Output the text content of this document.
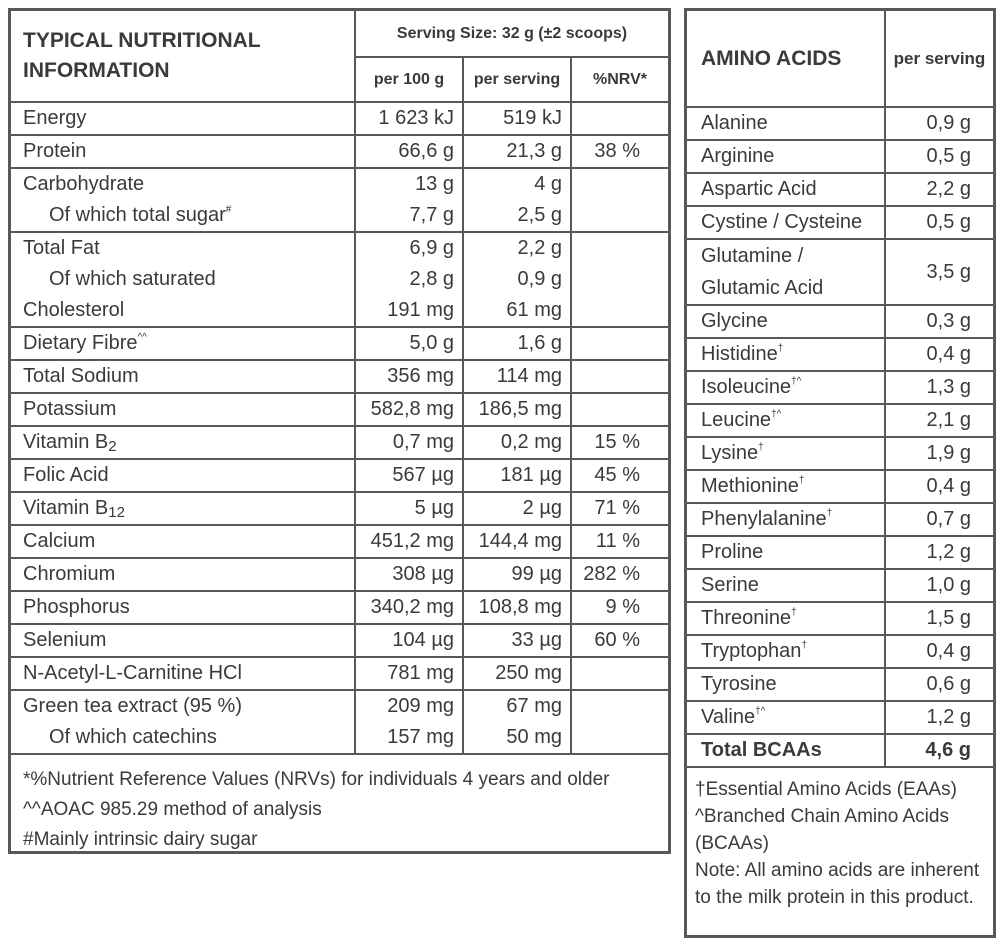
TYPICAL NUTRITIONAL INFORMATION	Serving Size: 32 g (±2 scoops)		
	per 100 g	per serving	%NRV*
Energy	1 623 kJ	519 kJ	
Protein	66,6 g	21,3 g	38 %
Carbohydrate	13 g	4 g	
Of which total sugar#	7,7 g	2,5 g	
Total Fat	6,9 g	2,2 g	
Of which saturated	2,8 g	0,9 g	
Cholesterol	191 mg	61 mg	
Dietary Fibre^^	5,0 g	1,6 g	
Total Sodium	356 mg	114 mg	
Potassium	582,8 mg	186,5 mg	
Vitamin $B_2$	0,7 mg	0,2 mg	15 %
Folic Acid	567 µg	181 µg	45 %
Vitamin $B_{12}$	5 µg	2 µg	71 %
Calcium	451,2 mg	144,4 mg	11 %
Chromium	308 µg	99 µg	282 %
Phosphorus	340,2 mg	108,8 mg	9 %
Selenium	104 µg	33 µg	60 %
N-Acetyl-L-Carnitine HCl	781 mg	250 mg	
Green tea extract (95 %)	209 mg	67 mg	
Of which catechins	157 mg	50 mg	
*%Nutrient Reference Values (NRVs) for individuals 4 years and older
^^AOAC 985.29 method of analysis
#Mainly intrinsic dairy sugar
AMINO ACIDS	per serving
Alanine	0,9 g
Arginine	0,5 g
Aspartic Acid	2,2 g
Cystine / Cysteine	0,5 g
Glutamine / Glutamic Acid	3,5 g
Glycine	0,3 g
Histidine†	0,4 g
Isoleucine†^	1,3 g
Leucine†^	2,1 g
Lysine†	1,9 g
Methionine†	0,4 g
Phenylalanine†	0,7 g
Proline	1,2 g
Serine	1,0 g
Threonine†	1,5 g
Tryptophan†	0,4 g
Tyrosine	0,6 g
Valine†^	1,2 g
Total BCAAs	4,6 g
†Essential Amino Acids (EAAs)
^Branched Chain Amino Acids (BCAAs)
Note: All amino acids are inherent to the milk protein in this product.
